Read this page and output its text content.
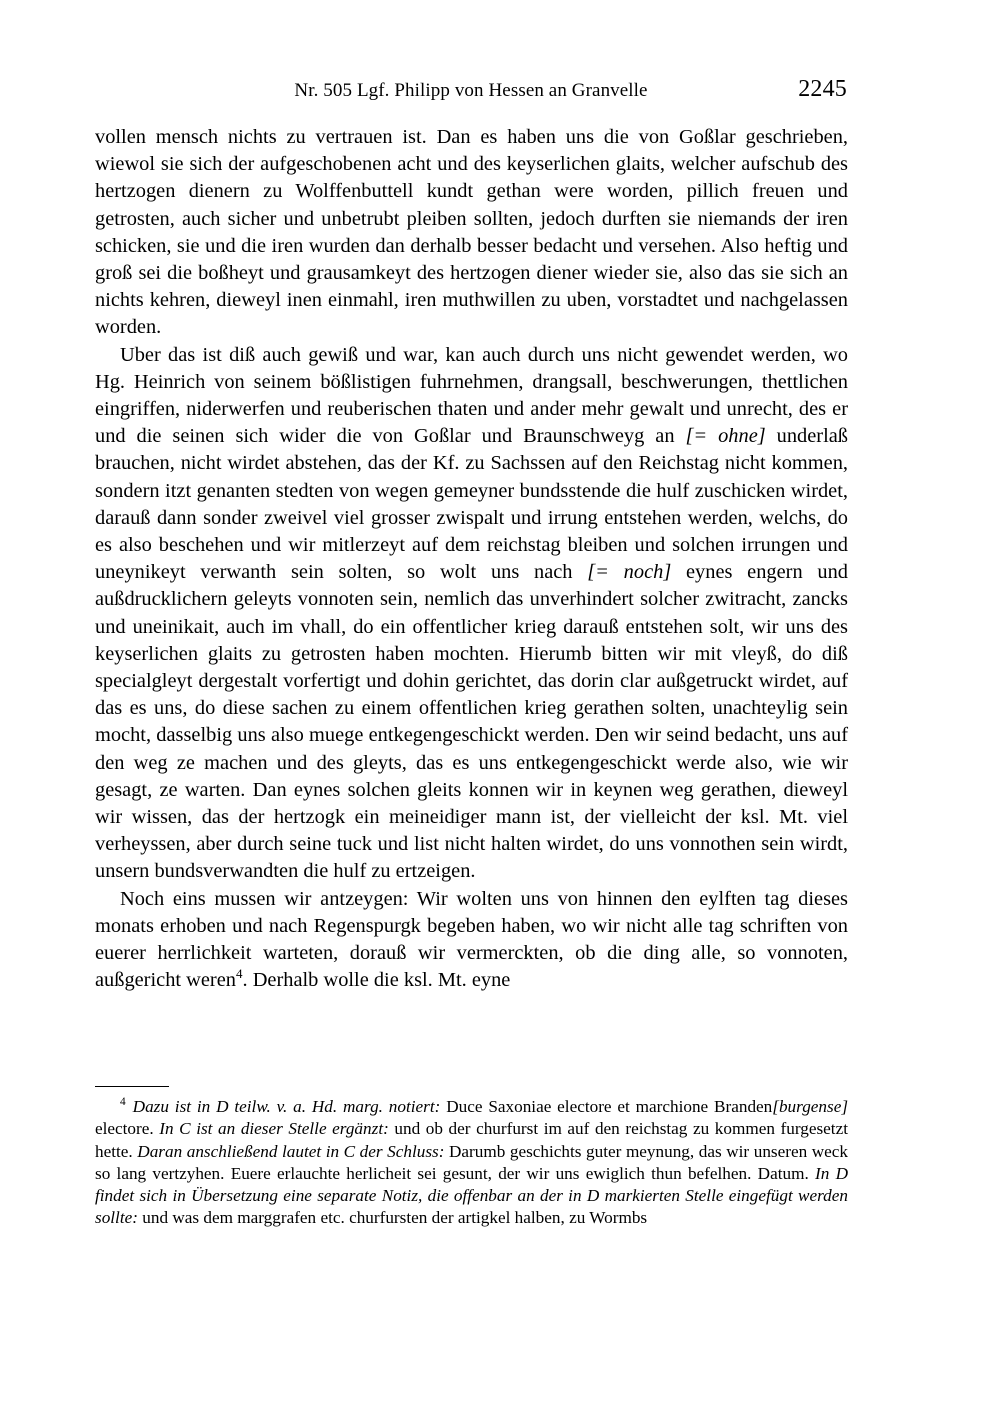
Nr. 505 Lgf. Philipp von Hessen an Granvelle	2245

vollen mensch nichts zu vertrauen ist. Dan es haben uns die von Goßlar geschrieben, wiewol sie sich der aufgeschobenen acht und des keyserlichen glaits, welcher aufschub des hertzogen dienern zu Wolffenbuttell kundt gethan were worden, pillich freuen und getrosten, auch sicher und unbetrubt pleiben sollten, jedoch durften sie niemands der iren schicken, sie und die iren wurden dan derhalb besser bedacht und versehen. Also heftig und groß sei die boßheyt und grausamkeyt des hertzogen diener wieder sie, also das sie sich an nichts kehren, dieweyl inen einmahl, iren muthwillen zu uben, vorstadtet und nachgelassen worden.

Uber das ist diß auch gewiß und war, kan auch durch uns nicht gewendet werden, wo Hg. Heinrich von seinem bößlistigen fuhrnehmen, drangsall, beschwerungen, thettlichen eingriffen, niderwerfen und reuberischen thaten und ander mehr gewalt und unrecht, des er und die seinen sich wider die von Goßlar und Braunschweyg an [= ohne] underlaß brauchen, nicht wirdet abstehen, das der Kf. zu Sachssen auf den Reichstag nicht kommen, sondern itzt genanten stedten von wegen gemeyner bundsstende die hulf zuschicken wirdet, darauß dann sonder zweivel viel grosser zwispalt und irrung entstehen werden, welchs, do es also beschehen und wir mitlerzeyt auf dem reichstag bleiben und solchen irrungen und uneynikeyt verwanth sein solten, so wolt uns nach [= noch] eynes engern und außdrucklichern geleyts vonnoten sein, nemlich das unverhindert solcher zwitracht, zancks und uneinikait, auch im vhall, do ein offentlicher krieg darauß entstehen solt, wir uns des keyserlichen glaits zu getrosten haben mochten. Hierumb bitten wir mit vleyß, do diß specialgleyt dergestalt vorfertigt und dohin gerichtet, das dorin clar außgetruckt wirdet, auf das es uns, do diese sachen zu einem offentlichen krieg gerathen solten, unachteylig sein mocht, dasselbig uns also muege entkegengeschickt werden. Den wir seind bedacht, uns auf den weg ze machen und des gleyts, das es uns entkegengeschickt werde also, wie wir gesagt, ze warten. Dan eynes solchen gleits konnen wir in keynen weg gerathen, dieweyl wir wissen, das der hertzogk ein meineidiger mann ist, der vielleicht der ksl. Mt. viel verheyssen, aber durch seine tuck und list nicht halten wirdet, do uns vonnothen sein wirdt, unsern bundsverwandten die hulf zu ertzeigen.

Noch eins mussen wir antzeygen: Wir wolten uns von hinnen den eylften tag dieses monats erhoben und nach Regenspurgk begeben haben, wo wir nicht alle tag schriften von euerer herrlichkeit warteten, dorauß wir vermerckten, ob die ding alle, so vonnoten, außgericht weren$^4$. Derhalb wolle die ksl. Mt. eyne

$^4$ Dazu ist in D teilw. v. a. Hd. marg. notiert: Duce Saxoniae electore et marchione Branden[burgense] electore. In C ist an dieser Stelle ergänzt: und ob der churfurst im auf den reichstag zu kommen furgesetzt hette. Daran anschließend lautet in C der Schluss: Darumb geschichts guter meynung, das wir unseren weck so lang vertzyhen. Euere erlauchte herlicheit sei gesunt, der wir uns ewiglich thun befelhen. Datum. In D findet sich in Übersetzung eine separate Notiz, die offenbar an der in D markierten Stelle eingefügt werden sollte: und was dem marggrafen etc. churfursten der artigkel halben, zu Wormbs
